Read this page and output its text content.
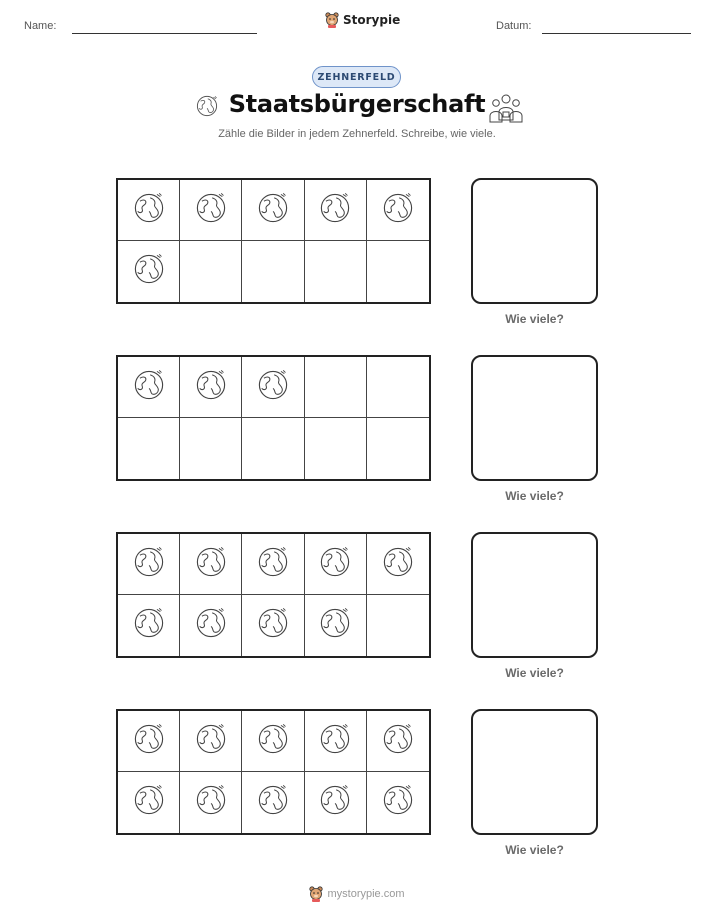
Name:	Storypie	Datum:
ZEHNERFELD
Staatsbürgerschaft
Zähle die Bilder in jedem Zehnerfeld. Schreibe, wie viele.
Wie viele?
Wie viele?
Wie viele?
Wie viele?
mystorypie.com
